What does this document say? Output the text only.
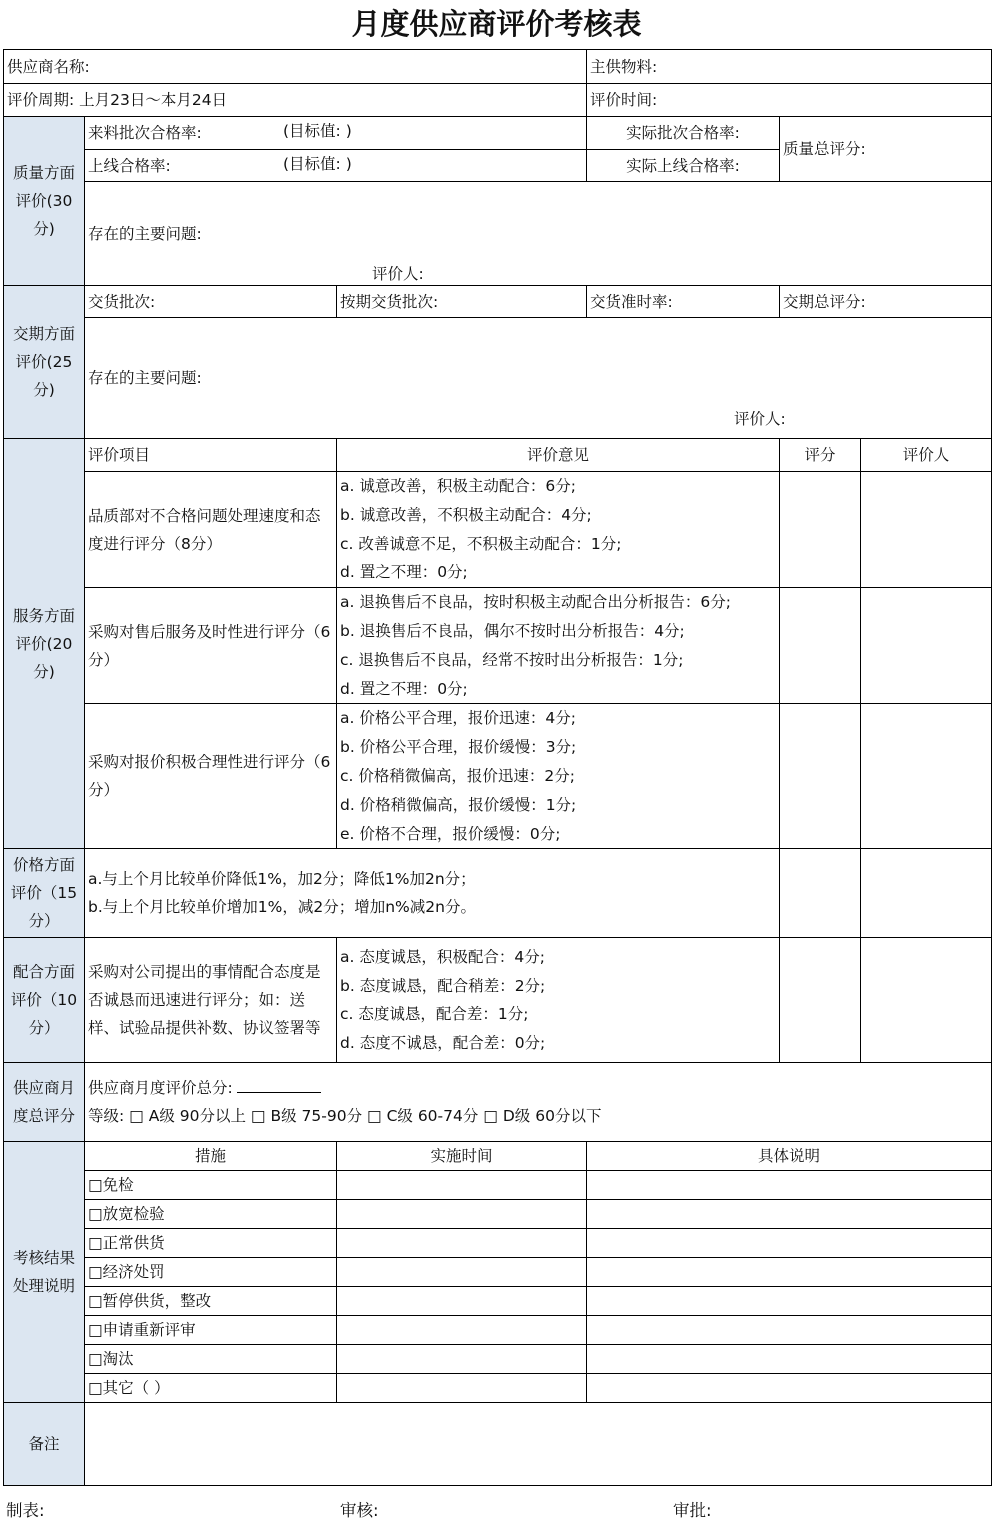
月度供应商评价考核表
供应商名称:			主供物料:		
评价周期: 上月23日～本月24日			评价时间:		
质量方面评价(30分)	来料批次合格率: (目标值: )		实际批次合格率:	质量总评分:	
	上线合格率: (目标值: )		实际上线合格率:		
	存在的主要问题:
评价人:				

交期方面评价(25分)	交货批次:	按期交货批次:	交货准时率:	交期总评分:	
	存在的主要问题:
评价人:				

服务方面评价(20分)	评价项目	评价意见		评分	评价人
	品质部对不合格问题处理速度和态度进行评分（8分）	a. 诚意改善，积极主动配合：6分;
b. 诚意改善，不积极主动配合：4分;
c. 改善诚意不足，不积极主动配合：1分;
d. 置之不理：0分;			

	采购对售后服务及时性进行评分（6分）	a. 退换售后不良品，按时积极主动配合出分析报告：6分;
b. 退换售后不良品，偶尔不按时出分析报告：4分;
c. 退换售后不良品，经常不按时出分析报告：1分;
d. 置之不理：0分;			

	采购对报价积极合理性进行评分（6分）	a. 价格公平合理，报价迅速：4分;
b. 价格公平合理，报价缓慢：3分;
c. 价格稍微偏高，报价迅速：2分;
d. 价格稍微偏高，报价缓慢：1分;
e. 价格不合理，报价缓慢：0分;			

价格方面评价（15分）	a.与上个月比较单价降低1%，加2分；降低1%加2n分；
b.与上个月比较单价增加1%，减2分；增加n%减2n分。				

配合方面评价（10分）	采购对公司提出的事情配合态度是否诚恳而迅速进行评分；如：送样、试验品提供补数、协议签署等	a. 态度诚恳，积极配合：4分;
b. 态度诚恳，配合稍差：2分;
c. 态度诚恳，配合差：1分;
d. 态度不诚恳，配合差：0分;			

供应商月度总评分	供应商月度评价总分:
等级: □ A级 90分以上 □ B级 75-90分 □ C级 60-74分 □ D级 60分以下				

考核结果处理说明	措施	实施时间	具体说明		
	□免检				
	□放宽检验				
	□正常供货				
	□经济处罚				
	□暂停供货，整改				
	□申请重新评审				
	□淘汰				
	□其它（ ）				
备注					
制表:	审核:	审批:
